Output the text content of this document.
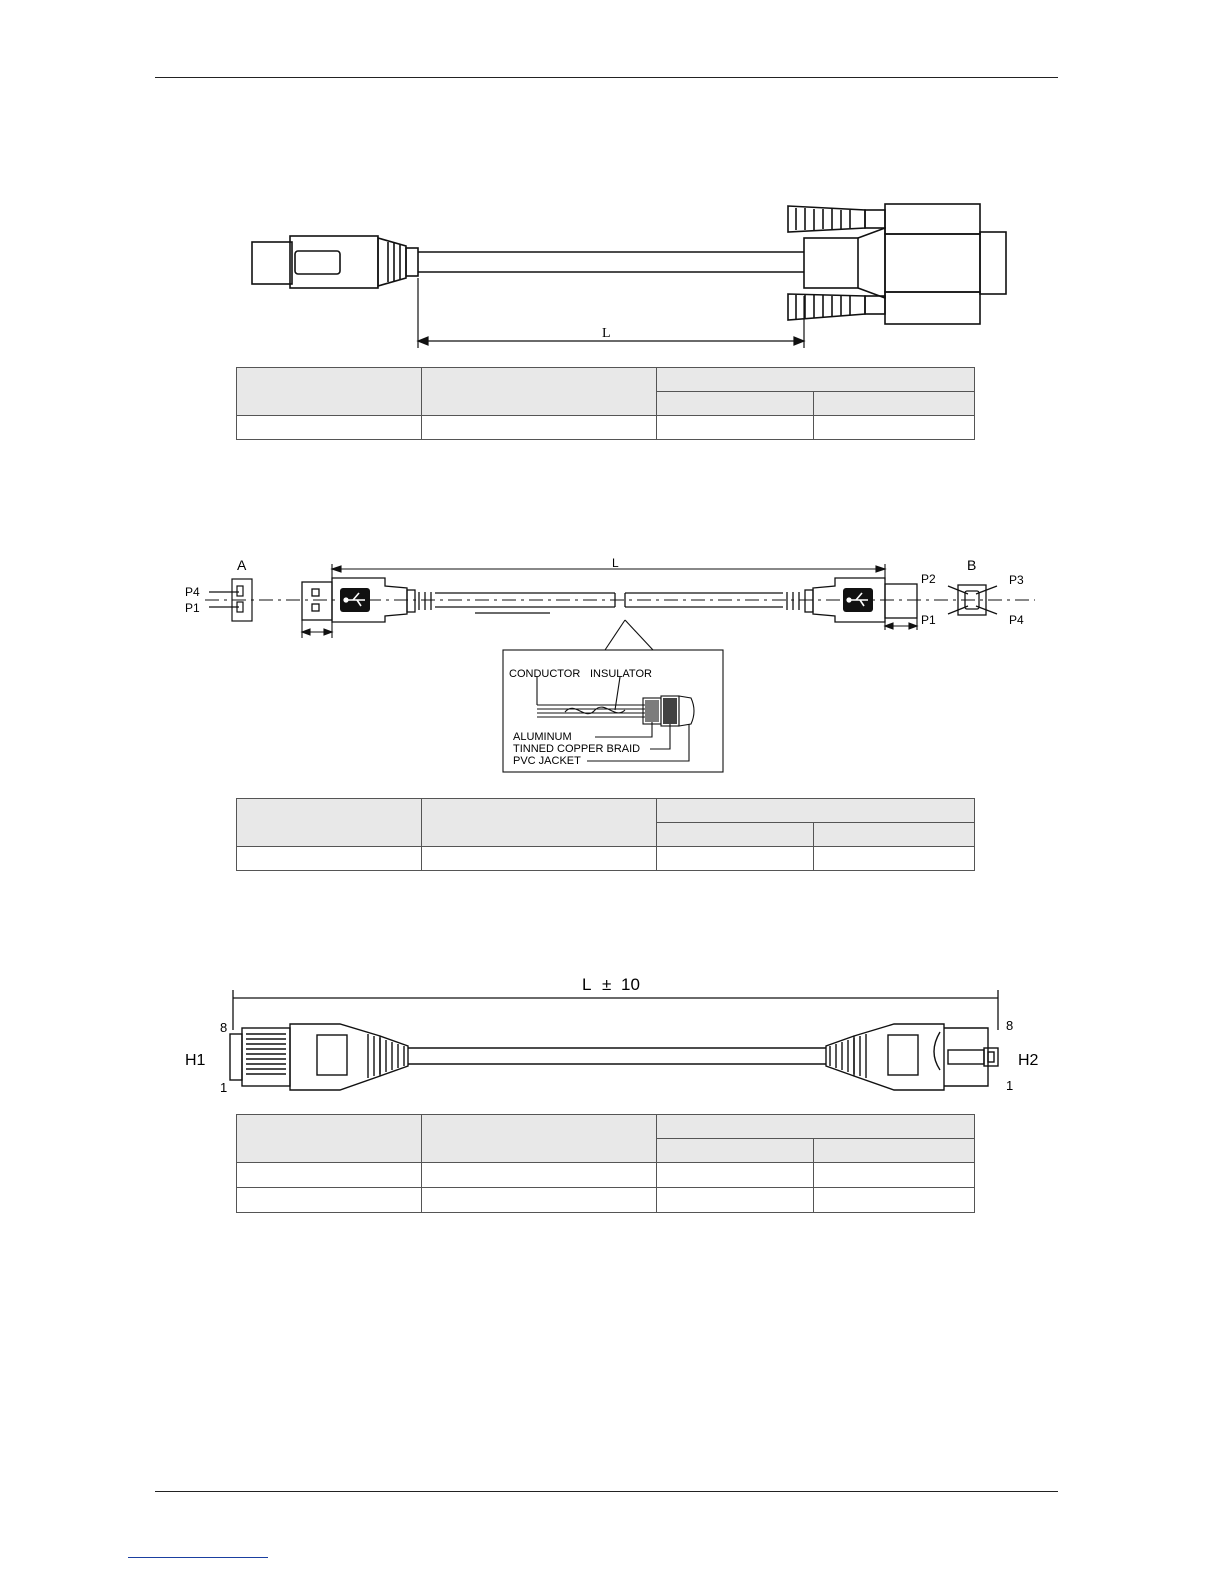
L

A
P4
P1
B
P2	P3
P1	P4
L
CONDUCTOR INSULATOR
ALUMINUM
TINNED COPPER BRAID
PVC JACKET

L ± 10
8
1
H1
8
1
H2
